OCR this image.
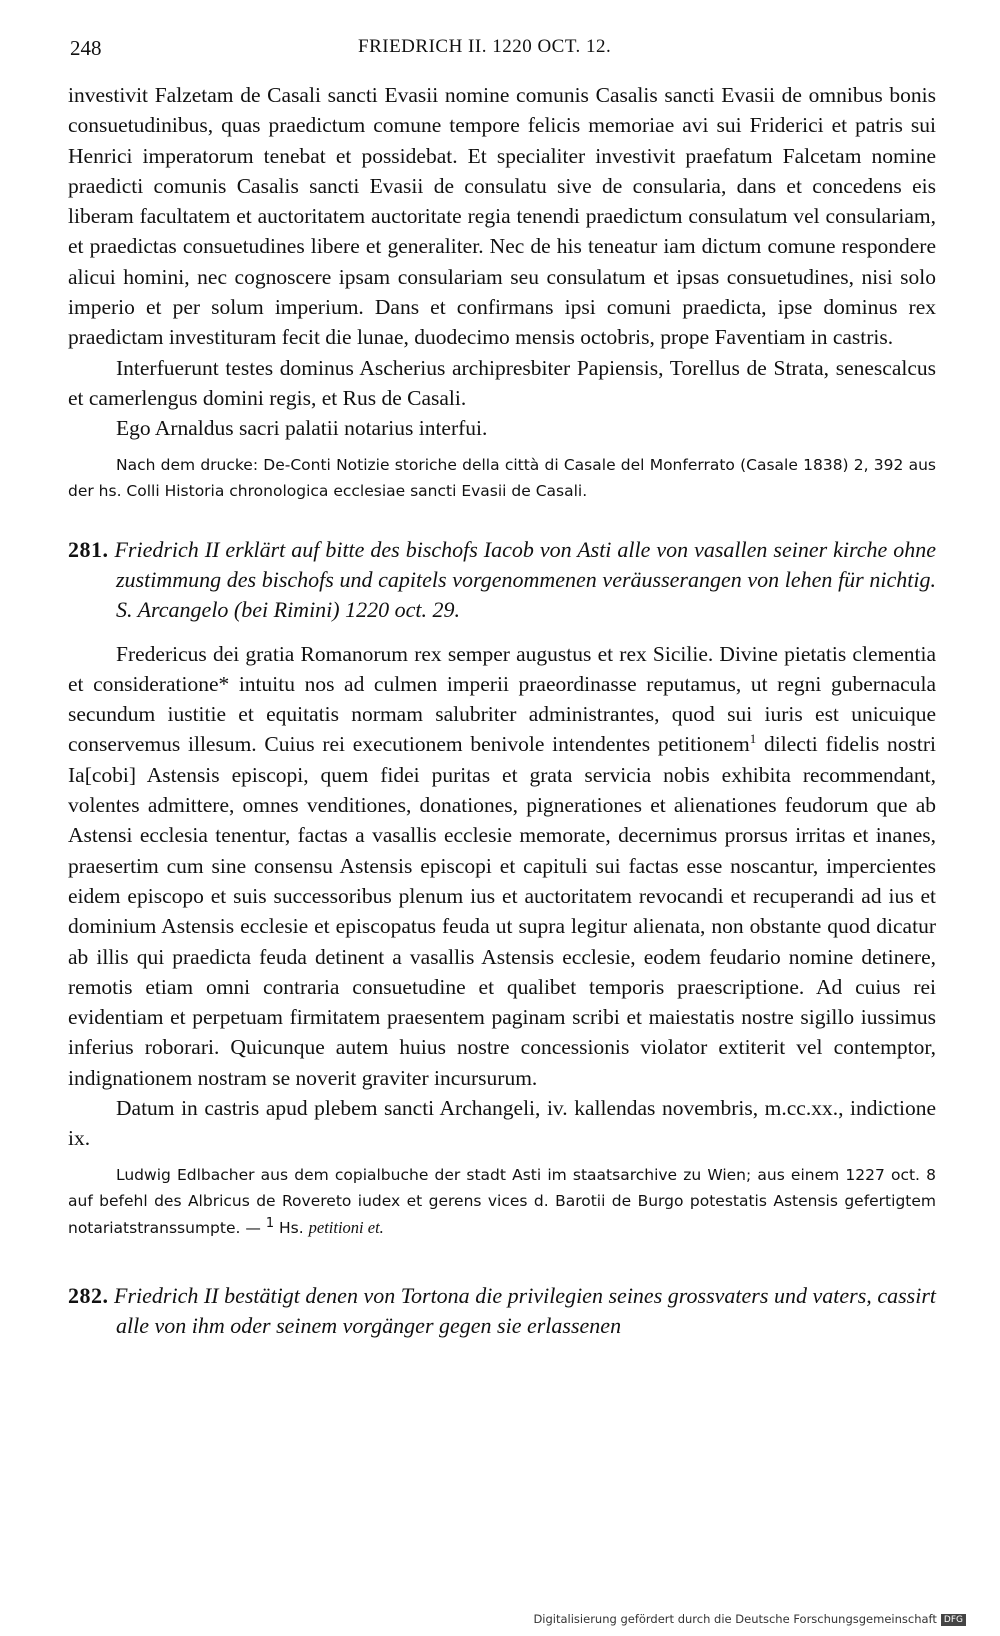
248	FRIEDRICH II. 1220 OCT. 12.

investivit Falzetam de Casali sancti Evasii nomine comunis Casalis sancti Evasii de omnibus bonis consuetudinibus, quas praedictum comune tempore felicis memoriae avi sui Friderici et patris sui Henrici imperatorum tenebat et possidebat. Et specialiter investivit praefatum Falcetam nomine praedicti comunis Casalis sancti Evasii de consulatu sive de consularia, dans et concedens eis liberam facultatem et auctoritatem auctoritate regia tenendi praedictum consulatum vel consulariam, et praedictas consuetudines libere et generaliter. Nec de his teneatur iam dictum comune respondere alicui homini, nec cognoscere ipsam consulariam seu consulatum et ipsas consuetudines, nisi solo imperio et per solum imperium. Dans et confirmans ipsi comuni praedicta, ipse dominus rex praedictam investituram fecit die lunae, duodecimo mensis octobris, prope Faventiam in castris.

Interfuerunt testes dominus Ascherius archipresbiter Papiensis, Torellus de Strata, senescalcus et camerlengus domini regis, et Rus de Casali.

Ego Arnaldus sacri palatii notarius interfui.

Nach dem drucke: De-Conti Notizie storiche della città di Casale del Monferrato (Casale 1838) 2, 392 aus der hs. Colli Historia chronologica ecclesiae sancti Evasii de Casali.

281. Friedrich II erklärt auf bitte des bischofs Iacob von Asti alle von vasallen seiner kirche ohne zustimmung des bischofs und capitels vorgenommenen veräusserangen von lehen für nichtig. S. Arcangelo (bei Rimini) 1220 oct. 29.

Fredericus dei gratia Romanorum rex semper augustus et rex Sicilie. Divine pietatis clementia et consideratione* intuitu nos ad culmen imperii praeordinasse reputamus, ut regni gubernacula secundum iustitie et equitatis normam salubriter administrantes, quod sui iuris est unicuique conservemus illesum. Cuius rei executionem benivole intendentes petitionem$^1$ dilecti fidelis nostri Ia[cobi] Astensis episcopi, quem fidei puritas et grata servicia nobis exhibita recommendant, volentes admittere, omnes venditiones, donationes, pignerationes et alienationes feudorum que ab Astensi ecclesia tenentur, factas a vasallis ecclesie memorate, decernimus prorsus irritas et inanes, praesertim cum sine consensu Astensis episcopi et capituli sui factas esse noscantur, impercientes eidem episcopo et suis successoribus plenum ius et auctoritatem revocandi et recuperandi ad ius et dominium Astensis ecclesie et episcopatus feuda ut supra legitur alienata, non obstante quod dicatur ab illis qui praedicta feuda detinent a vasallis Astensis ecclesie, eodem feudario nomine detinere, remotis etiam omni contraria consuetudine et qualibet temporis praescriptione. Ad cuius rei evidentiam et perpetuam firmitatem praesentem paginam scribi et maiestatis nostre sigillo iussimus inferius roborari. Quicunque autem huius nostre concessionis violator extiterit vel contemptor, indignationem nostram se noverit graviter incursurum.

Datum in castris apud plebem sancti Archangeli, iv. kallendas novembris, m.cc.xx., indictione ix.

Ludwig Edlbacher aus dem copialbuche der stadt Asti im staatsarchive zu Wien; aus einem 1227 oct. 8 auf befehl des Albricus de Rovereto iudex et gerens vices d. Barotii de Burgo potestatis Astensis gefertigtem notariatstranssumpte. — $^1$ Hs. petitioni et.

282. Friedrich II bestätigt denen von Tortona die privilegien seines grossvaters und vaters, cassirt alle von ihm oder seinem vorgänger gegen sie erlassenen

Digitalisierung gefördert durch die Deutsche Forschungsgemeinschaft DFG
